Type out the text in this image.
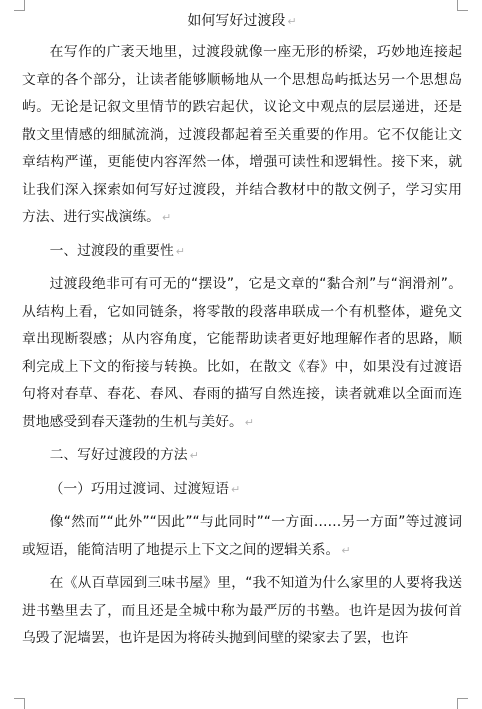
如何写好过渡段 ↵

在写作的广袤天地里，过渡段就像一座无形的桥梁，巧妙地连接起文章的各个部分，让读者能够顺畅地从一个思想岛屿抵达另一个思想岛屿。无论是记叙文里情节的跌宕起伏，议论文中观点的层层递进，还是散文里情感的细腻流淌，过渡段都起着至关重要的作用。它不仅能让文章结构严谨，更能使内容浑然一体，增强可读性和逻辑性。接下来，就让我们深入探索如何写好过渡段，并结合教材中的散文例子，学习实用方法、进行实战演练。 ↵

一、过渡段的重要性 ↵

过渡段绝非可有可无的“摆设”，它是文章的“黏合剂”与“润滑剂”。从结构上看，它如同链条，将零散的段落串联成一个有机整体，避免文章出现断裂感；从内容角度，它能帮助读者更好地理解作者的思路，顺利完成上下文的衔接与转换。比如，在散文《春》中，如果没有过渡语句将对春草、春花、春风、春雨的描写自然连接，读者就难以全面而连贯地感受到春天蓬勃的生机与美好。 ↵

二、写好过渡段的方法 ↵

（一）巧用过渡词、过渡短语 ↵

像“然而”“此外”“因此”“与此同时”“一方面……另一方面”等过渡词或短语，能简洁明了地提示上下文之间的逻辑关系。 ↵

在《从百草园到三味书屋》里，“我不知道为什么家里的人要将我送进书塾里去了，而且还是全城中称为最严厉的书塾。也许是因为拔何首乌毁了泥墙罢，也许是因为将砖头抛到间壁的梁家去了罢，也许
